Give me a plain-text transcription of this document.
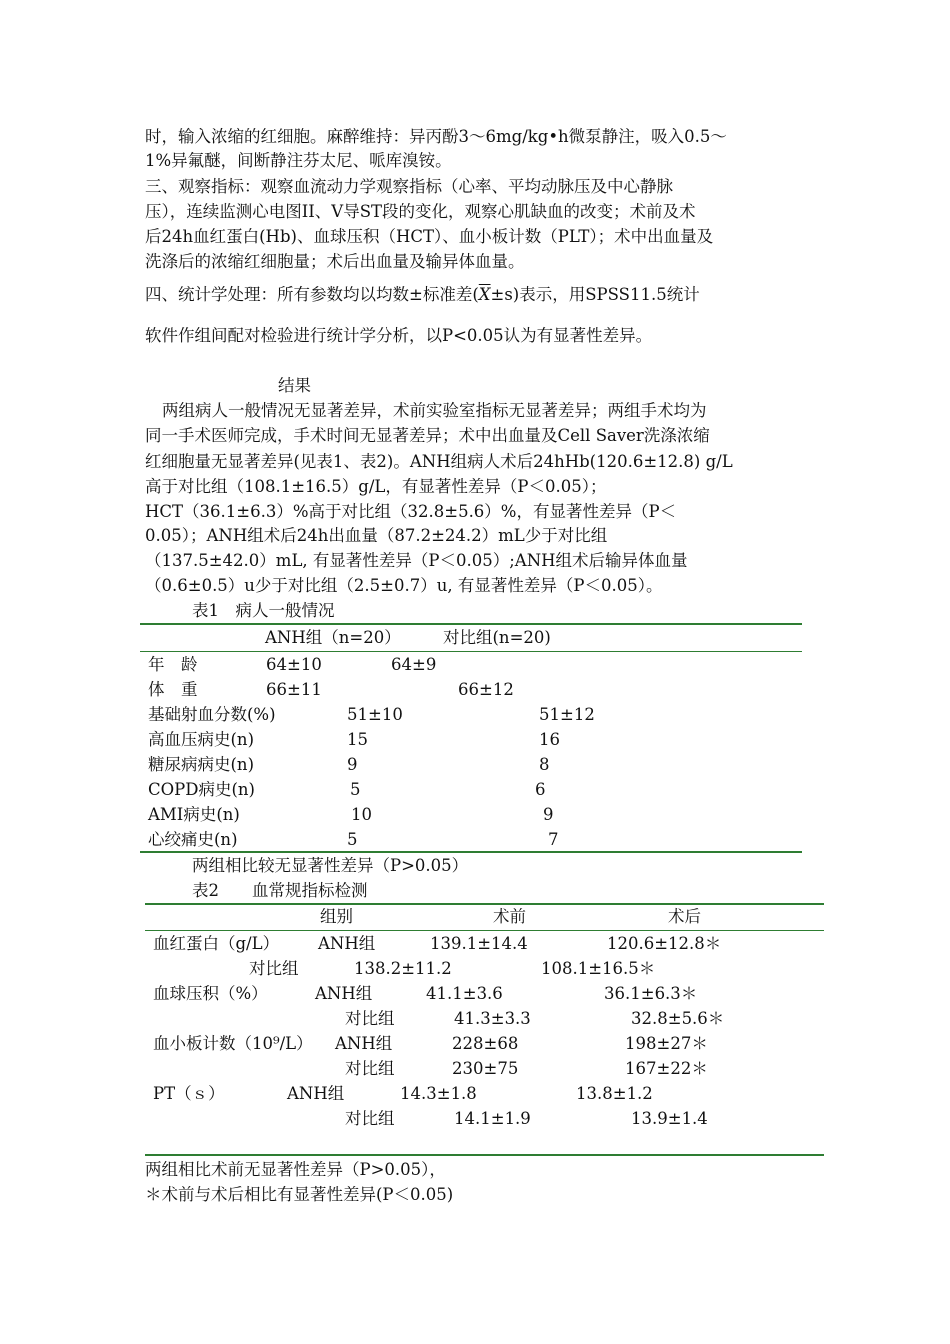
时，输入浓缩的红细胞。麻醉维持：异丙酚3～6mg/kg•h微泵静注，吸入0.5～
1%异氟醚，间断静注芬太尼、哌库溴铵。
三、观察指标：观察血流动力学观察指标（心率、平均动脉压及中心静脉
压），连续监测心电图II、V导ST段的变化，观察心肌缺血的改变；术前及术
后24h血红蛋白(Hb)、血球压积（HCT）、血小板计数（PLT）；术中出血量及
洗涤后的浓缩红细胞量；术后出血量及输异体血量。
四、统计学处理：所有参数均以均数±标准差$(\overline{X}\pm s)$表示，用SPSS11.5统计
软件作组间配对检验进行统计学分析，以P<0.05认为有显著性差异。
结果
两组病人一般情况无显著差异，术前实验室指标无显著差异；两组手术均为
同一手术医师完成，手术时间无显著差异；术中出血量及Cell Saver洗涤浓缩
红细胞量无显著差异(见表1、表2)。ANH组病人术后24hHb(120.6±12.8) g/L
高于对比组（108.1±16.5）g/L，有显著性差异（P＜0.05）；
HCT（36.1±6.3）%高于对比组（32.8±5.6）%，有显著性差异（P＜
0.05）；ANH组术后24h出血量（87.2±24.2）mL少于对比组
（137.5±42.0）mL, 有显著性差异（P＜0.05）;ANH组术后输异体血量
（0.6±0.5）u少于对比组（2.5±0.7）u, 有显著性差异（P＜0.05）。
表1　病人一般情况
ANH组（n=20）	对比组(n=20)
年　龄	64±10	64±9
体　重	66±11	66±12
基础射血分数(%)	51±10	51±12
高血压病史(n)	15	16
糖尿病病史(n)	9	8
COPD病史(n)	5	6
AMI病史(n)	10	9
心绞痛史(n)	5	7
两组相比较无显著性差异（P>0.05）
表2　　血常规指标检测
组别	术前	术后
血红蛋白（g/L） ANH组	139.1±14.4	120.6±12.8＊
对比组	138.2±11.2	108.1±16.5＊
血球压积（%）	ANH组	41.1±3.6	36.1±6.3＊
对比组	41.3±3.3	32.8±5.6＊
血小板计数（10⁹/L） ANH组	228±68	198±27＊
对比组	230±75	167±22＊
PT（ｓ）	ANH组	14.3±1.8	13.8±1.2
对比组	14.1±1.9	13.9±1.4
两组相比术前无显著性差异（P>0.05），
＊术前与术后相比有显著性差异(P＜0.05)
